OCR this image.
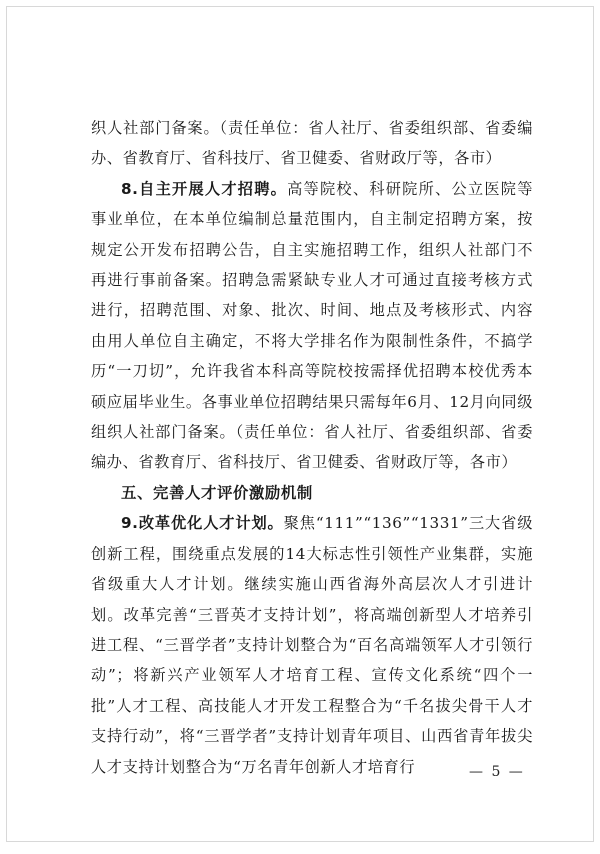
织人社部门备案。（责任单位：省人社厅、省委组织部、省委编办、省教育厅、省科技厅、省卫健委、省财政厅等，各市）

8.自主开展人才招聘。高等院校、科研院所、公立医院等事业单位，在本单位编制总量范围内，自主制定招聘方案，按规定公开发布招聘公告，自主实施招聘工作，组织人社部门不再进行事前备案。招聘急需紧缺专业人才可通过直接考核方式进行，招聘范围、对象、批次、时间、地点及考核形式、内容由用人单位自主确定，不将大学排名作为限制性条件，不搞学历“一刀切”，允许我省本科高等院校按需择优招聘本校优秀本硕应届毕业生。各事业单位招聘结果只需每年6月、12月向同级组织人社部门备案。（责任单位：省人社厅、省委组织部、省委编办、省教育厅、省科技厅、省卫健委、省财政厅等，各市）

五、完善人才评价激励机制

9.改革优化人才计划。聚焦“111”“136”“1331”三大省级创新工程，围绕重点发展的14大标志性引领性产业集群，实施省级重大人才计划。继续实施山西省海外高层次人才引进计划。改革完善“三晋英才支持计划”，将高端创新型人才培养引进工程、“三晋学者”支持计划整合为“百名高端领军人才引领行动”；将新兴产业领军人才培育工程、宣传文化系统“四个一批”人才工程、高技能人才开发工程整合为“千名拔尖骨干人才支持行动”，将“三晋学者”支持计划青年项目、山西省青年拔尖人才支持计划整合为“万名青年创新人才培育行	— 5 —
